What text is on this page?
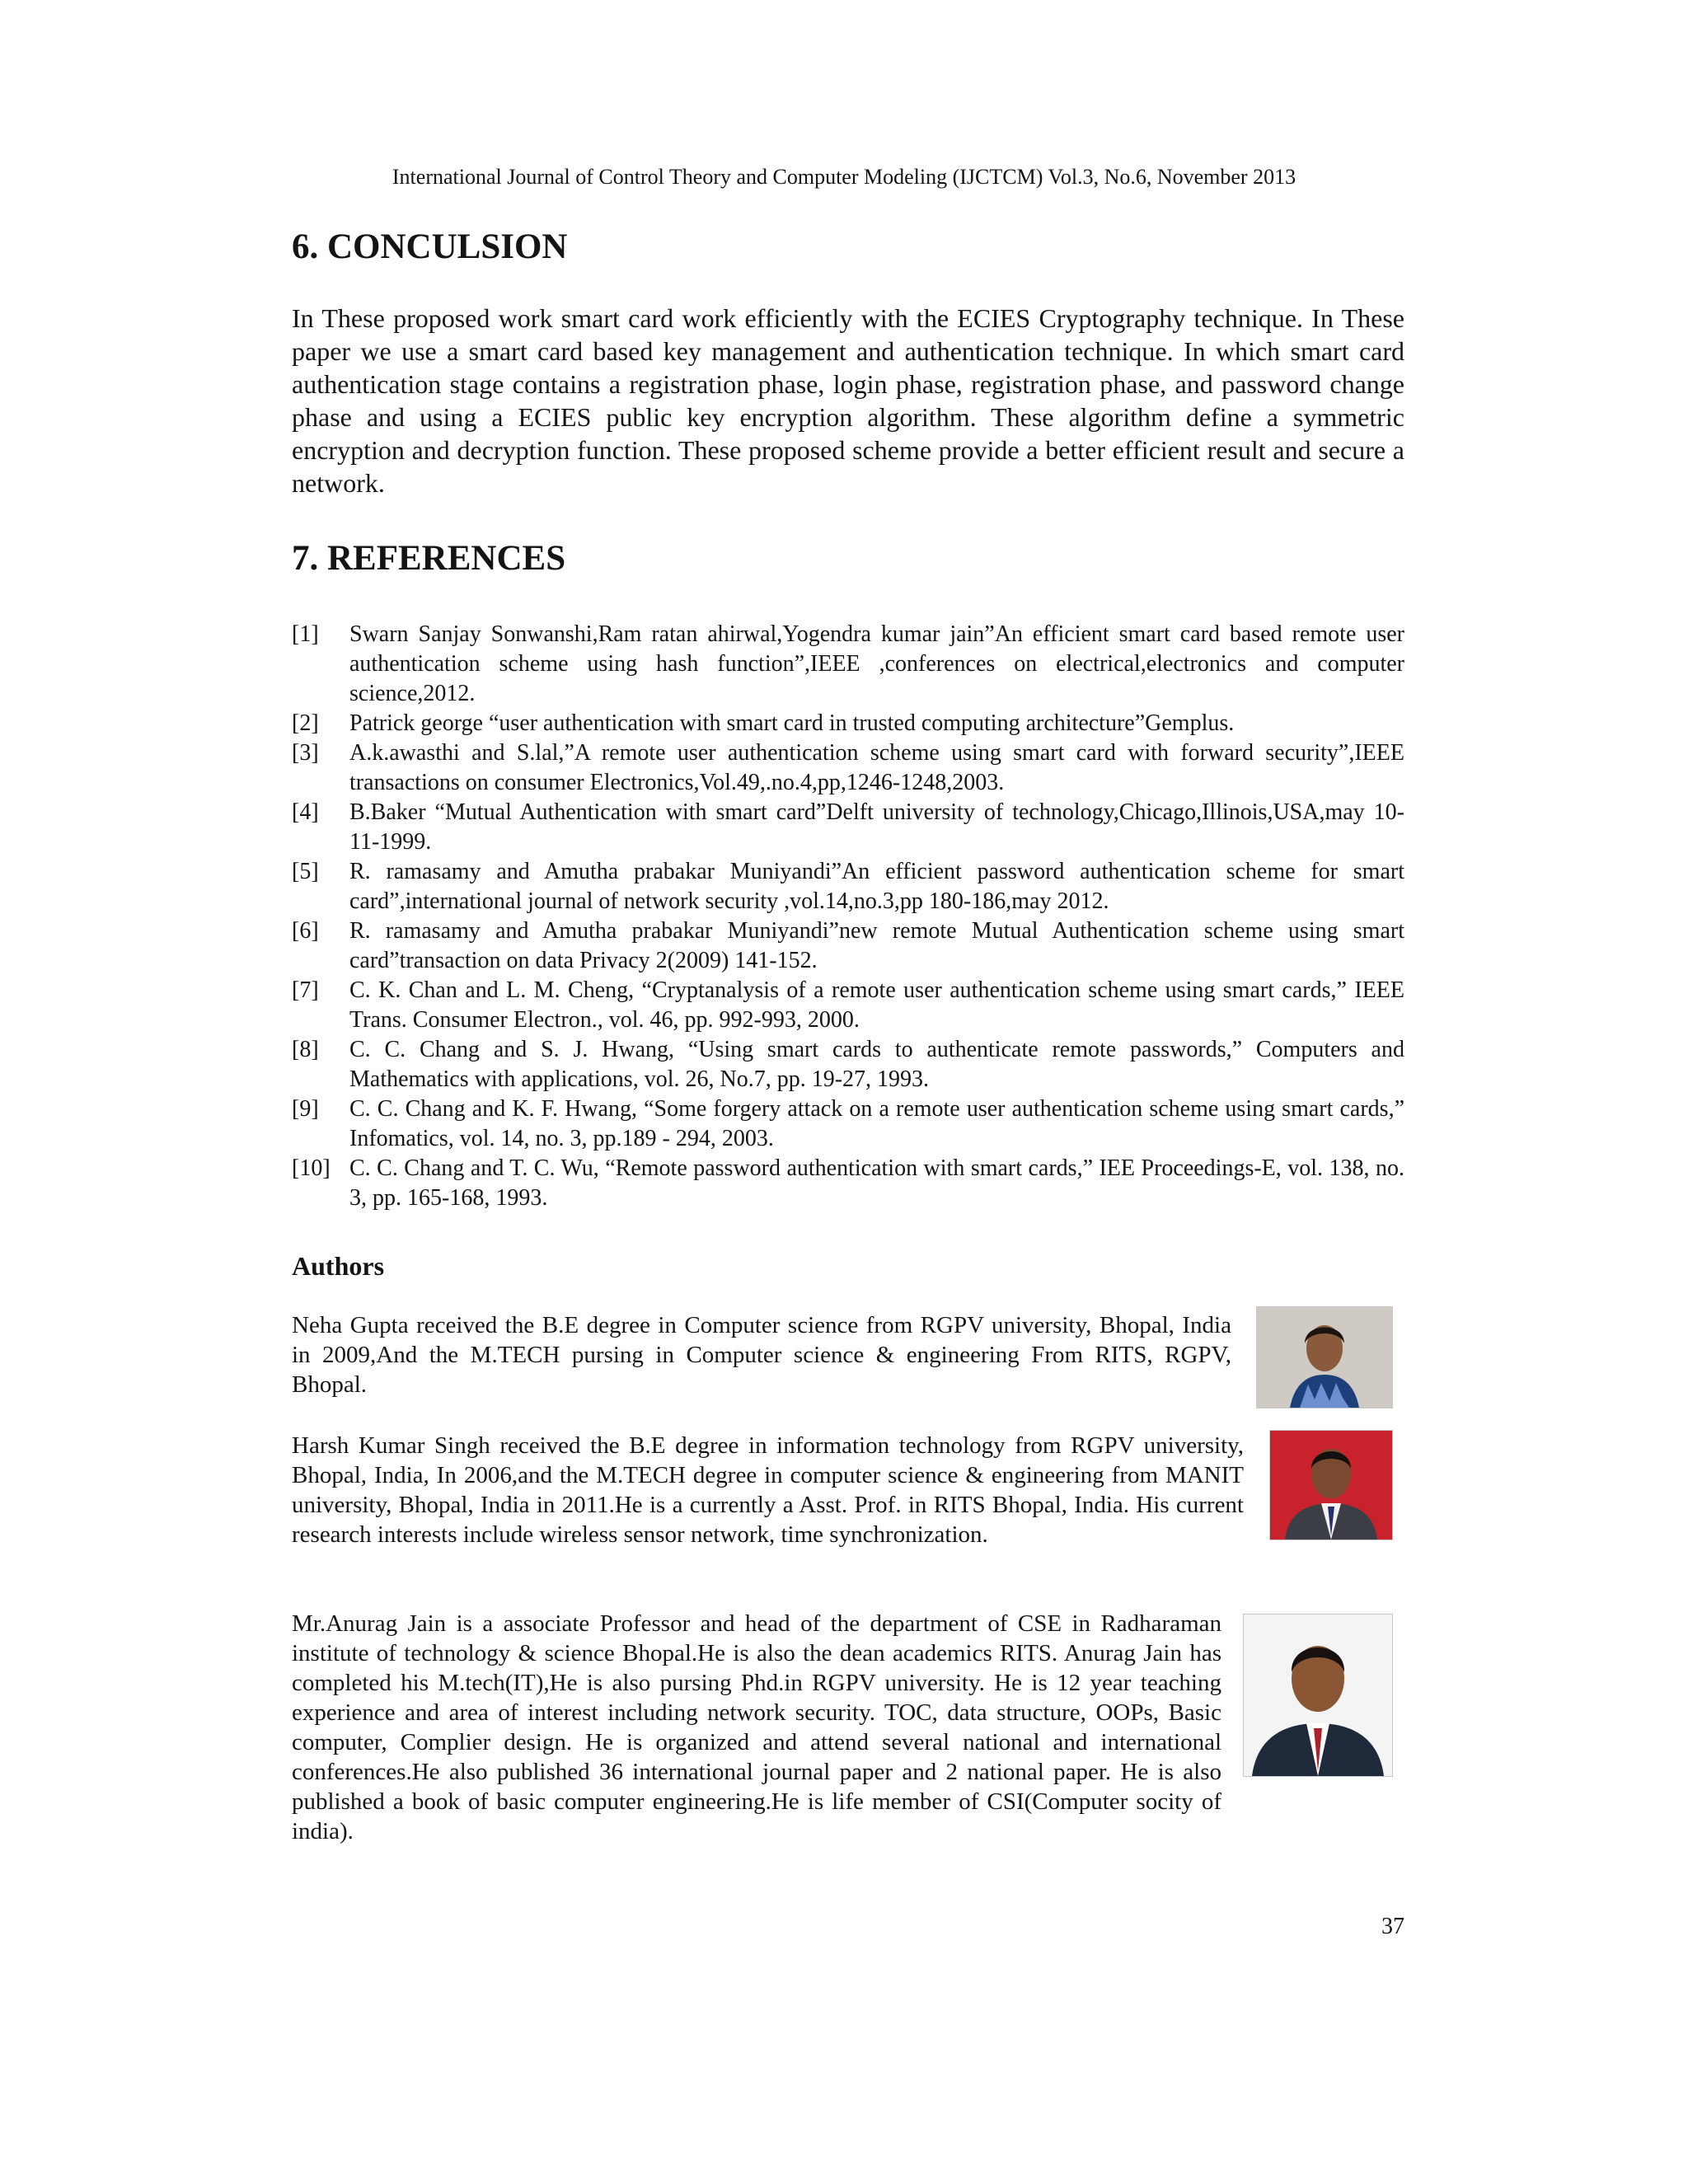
International Journal of Control Theory and Computer Modeling (IJCTCM) Vol.3, No.6, November 2013
6. CONCULSION

In These proposed work smart card work efficiently with the ECIES Cryptography technique. In These paper we use a smart card based key management and authentication technique. In which smart card authentication stage contains a registration phase, login phase, registration phase, and password change phase and using a ECIES public key encryption algorithm. These algorithm define a symmetric encryption and decryption function. These proposed scheme provide a better efficient result and secure a network.

7. REFERENCES
[1] Swarn Sanjay Sonwanshi,Ram ratan ahirwal,Yogendra kumar jain”An efficient smart card based remote user authentication scheme using hash function”,IEEE ,conferences on electrical,electronics and computer science,2012.
[2] Patrick george “user authentication with smart card in trusted computing architecture”Gemplus.
[3] A.k.awasthi and S.lal,”A remote user authentication scheme using smart card with forward security”,IEEE transactions on consumer Electronics,Vol.49,.no.4,pp,1246-1248,2003.
[4] B.Baker “Mutual Authentication with smart card”Delft university of technology,Chicago,Illinois,USA,may 10-11-1999.
[5] R. ramasamy and Amutha prabakar Muniyandi”An efficient password authentication scheme for smart card”,international journal of network security ,vol.14,no.3,pp 180-186,may 2012.
[6] R. ramasamy and Amutha prabakar Muniyandi”new remote Mutual Authentication scheme using smart card”transaction on data Privacy 2(2009) 141-152.
[7] C. K. Chan and L. M. Cheng, “Cryptanalysis of a remote user authentication scheme using smart cards,” IEEE Trans. Consumer Electron., vol. 46, pp. 992-993, 2000.
[8] C. C. Chang and S. J. Hwang, “Using smart cards to authenticate remote passwords,” Computers and Mathematics with applications, vol. 26, No.7, pp. 19-27, 1993.
[9] C. C. Chang and K. F. Hwang, “Some forgery attack on a remote user authentication scheme using smart cards,” Infomatics, vol. 14, no. 3, pp.189 - 294, 2003.
[10] C. C. Chang and T. C. Wu, “Remote password authentication with smart cards,” IEE Proceedings-E, vol. 138, no. 3, pp. 165-168, 1993.
Authors

Neha Gupta received the B.E degree in Computer science from RGPV university, Bhopal, India in 2009,And the M.TECH pursing in Computer science & engineering From RITS, RGPV, Bhopal.

Harsh Kumar Singh received the B.E degree in information technology from RGPV university, Bhopal, India, In 2006,and the M.TECH degree in computer science & engineering from MANIT university, Bhopal, India in 2011.He is a currently a Asst. Prof. in RITS Bhopal, India. His current research interests include wireless sensor network, time synchronization.

Mr.Anurag Jain is a associate Professor and head of the department of CSE in Radharaman institute of technology & science Bhopal.He is also the dean academics RITS. Anurag Jain has completed his M.tech(IT),He is also pursing Phd.in RGPV university. He is 12 year teaching experience and area of interest including network security. TOC, data structure, OOPs, Basic computer, Complier design. He is organized and attend several national and international conferences.He also published 36 international journal paper and 2 national paper. He is also published a book of basic computer engineering.He is life member of CSI(Computer socity of india).

37
